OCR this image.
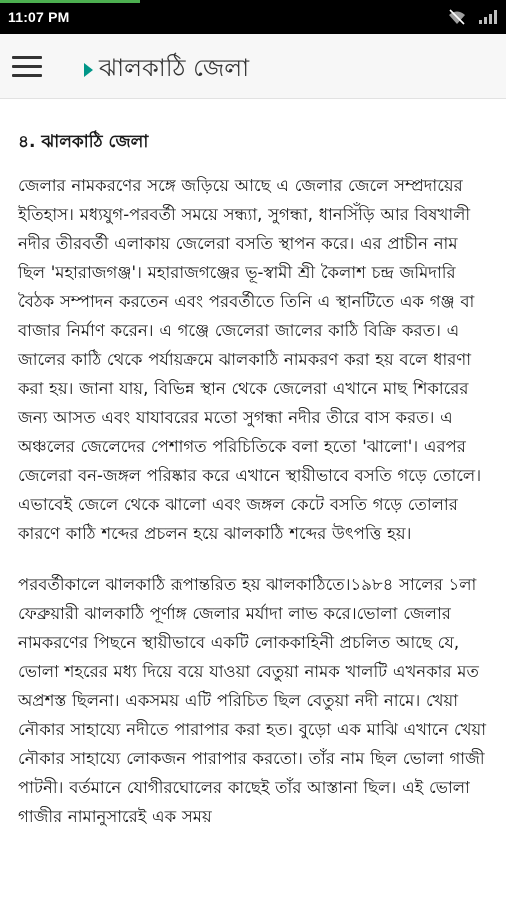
11:07 PM
ঝালকাঠি জেলা
৪. ঝালকাঠি জেলা

জেলার নামকরণের সঙ্গে জড়িয়ে আছে এ জেলার জেলে সম্প্রদায়ের ইতিহাস। মধ্যযুগ-পরবর্তী সময়ে সন্ধ্যা, সুগন্ধা, ধানসিঁড়ি আর বিষখালী নদীর তীরবর্তী এলাকায় জেলেরা বসতি স্থাপন করে। এর প্রাচীন নাম ছিল 'মহারাজগঞ্জ'। মহারাজগঞ্জের ভূ-স্বামী শ্রী কৈলাশ চন্দ্র জমিদারি বৈঠক সম্পাদন করতেন এবং পরবর্তীতে তিনি এ স্থানটিতে এক গঞ্জ বা বাজার নির্মাণ করেন। এ গঞ্জে জেলেরা জালের কাঠি বিক্রি করত। এ জালের কাঠি থেকে পর্যায়ক্রমে ঝালকাঠি নামকরণ করা হয় বলে ধারণা করা হয়। জানা যায়, বিভিন্ন স্থান থেকে জেলেরা এখানে মাছ শিকারের জন্য আসত এবং যাযাবরের মতো সুগন্ধা নদীর তীরে বাস করত। এ অঞ্চলের জেলেদের পেশাগত পরিচিতিকে বলা হতো 'ঝালো'। এরপর জেলেরা বন-জঙ্গল পরিষ্কার করে এখানে স্থায়ীভাবে বসতি গড়ে তোলে। এভাবেই জেলে থেকে ঝালো এবং জঙ্গল কেটে বসতি গড়ে তোলার কারণে কাঠি শব্দের প্রচলন হয়ে ঝালকাঠি শব্দের উৎপত্তি হয়।

পরবর্তীকালে ঝালকাঠি রূপান্তরিত হয় ঝালকাঠিতে।১৯৮৪ সালের ১লা ফেব্রুয়ারী ঝালকাঠি পূর্ণাঙ্গ জেলার মর্যাদা লাভ করে।ভোলা জেলার নামকরণের পিছনে স্থায়ীভাবে একটি লোককাহিনী প্রচলিত আছে যে, ভোলা শহরের মধ্য দিয়ে বয়ে যাওয়া বেতুয়া নামক খালটি এখনকার মত অপ্রশস্ত ছিলনা। একসময় এটি পরিচিত ছিল বেতুয়া নদী নামে। খেয়া নৌকার সাহায্যে নদীতে পারাপার করা হত। বুড়ো এক মাঝি এখানে খেয়া নৌকার সাহায্যে লোকজন পারাপার করতো। তাঁর নাম ছিল ভোলা গাজী পাটনী। বর্তমানে যোগীরঘোলের কাছেই তাঁর আস্তানা ছিল। এই ভোলা গাজীর নামানুসারেই এক সময়
